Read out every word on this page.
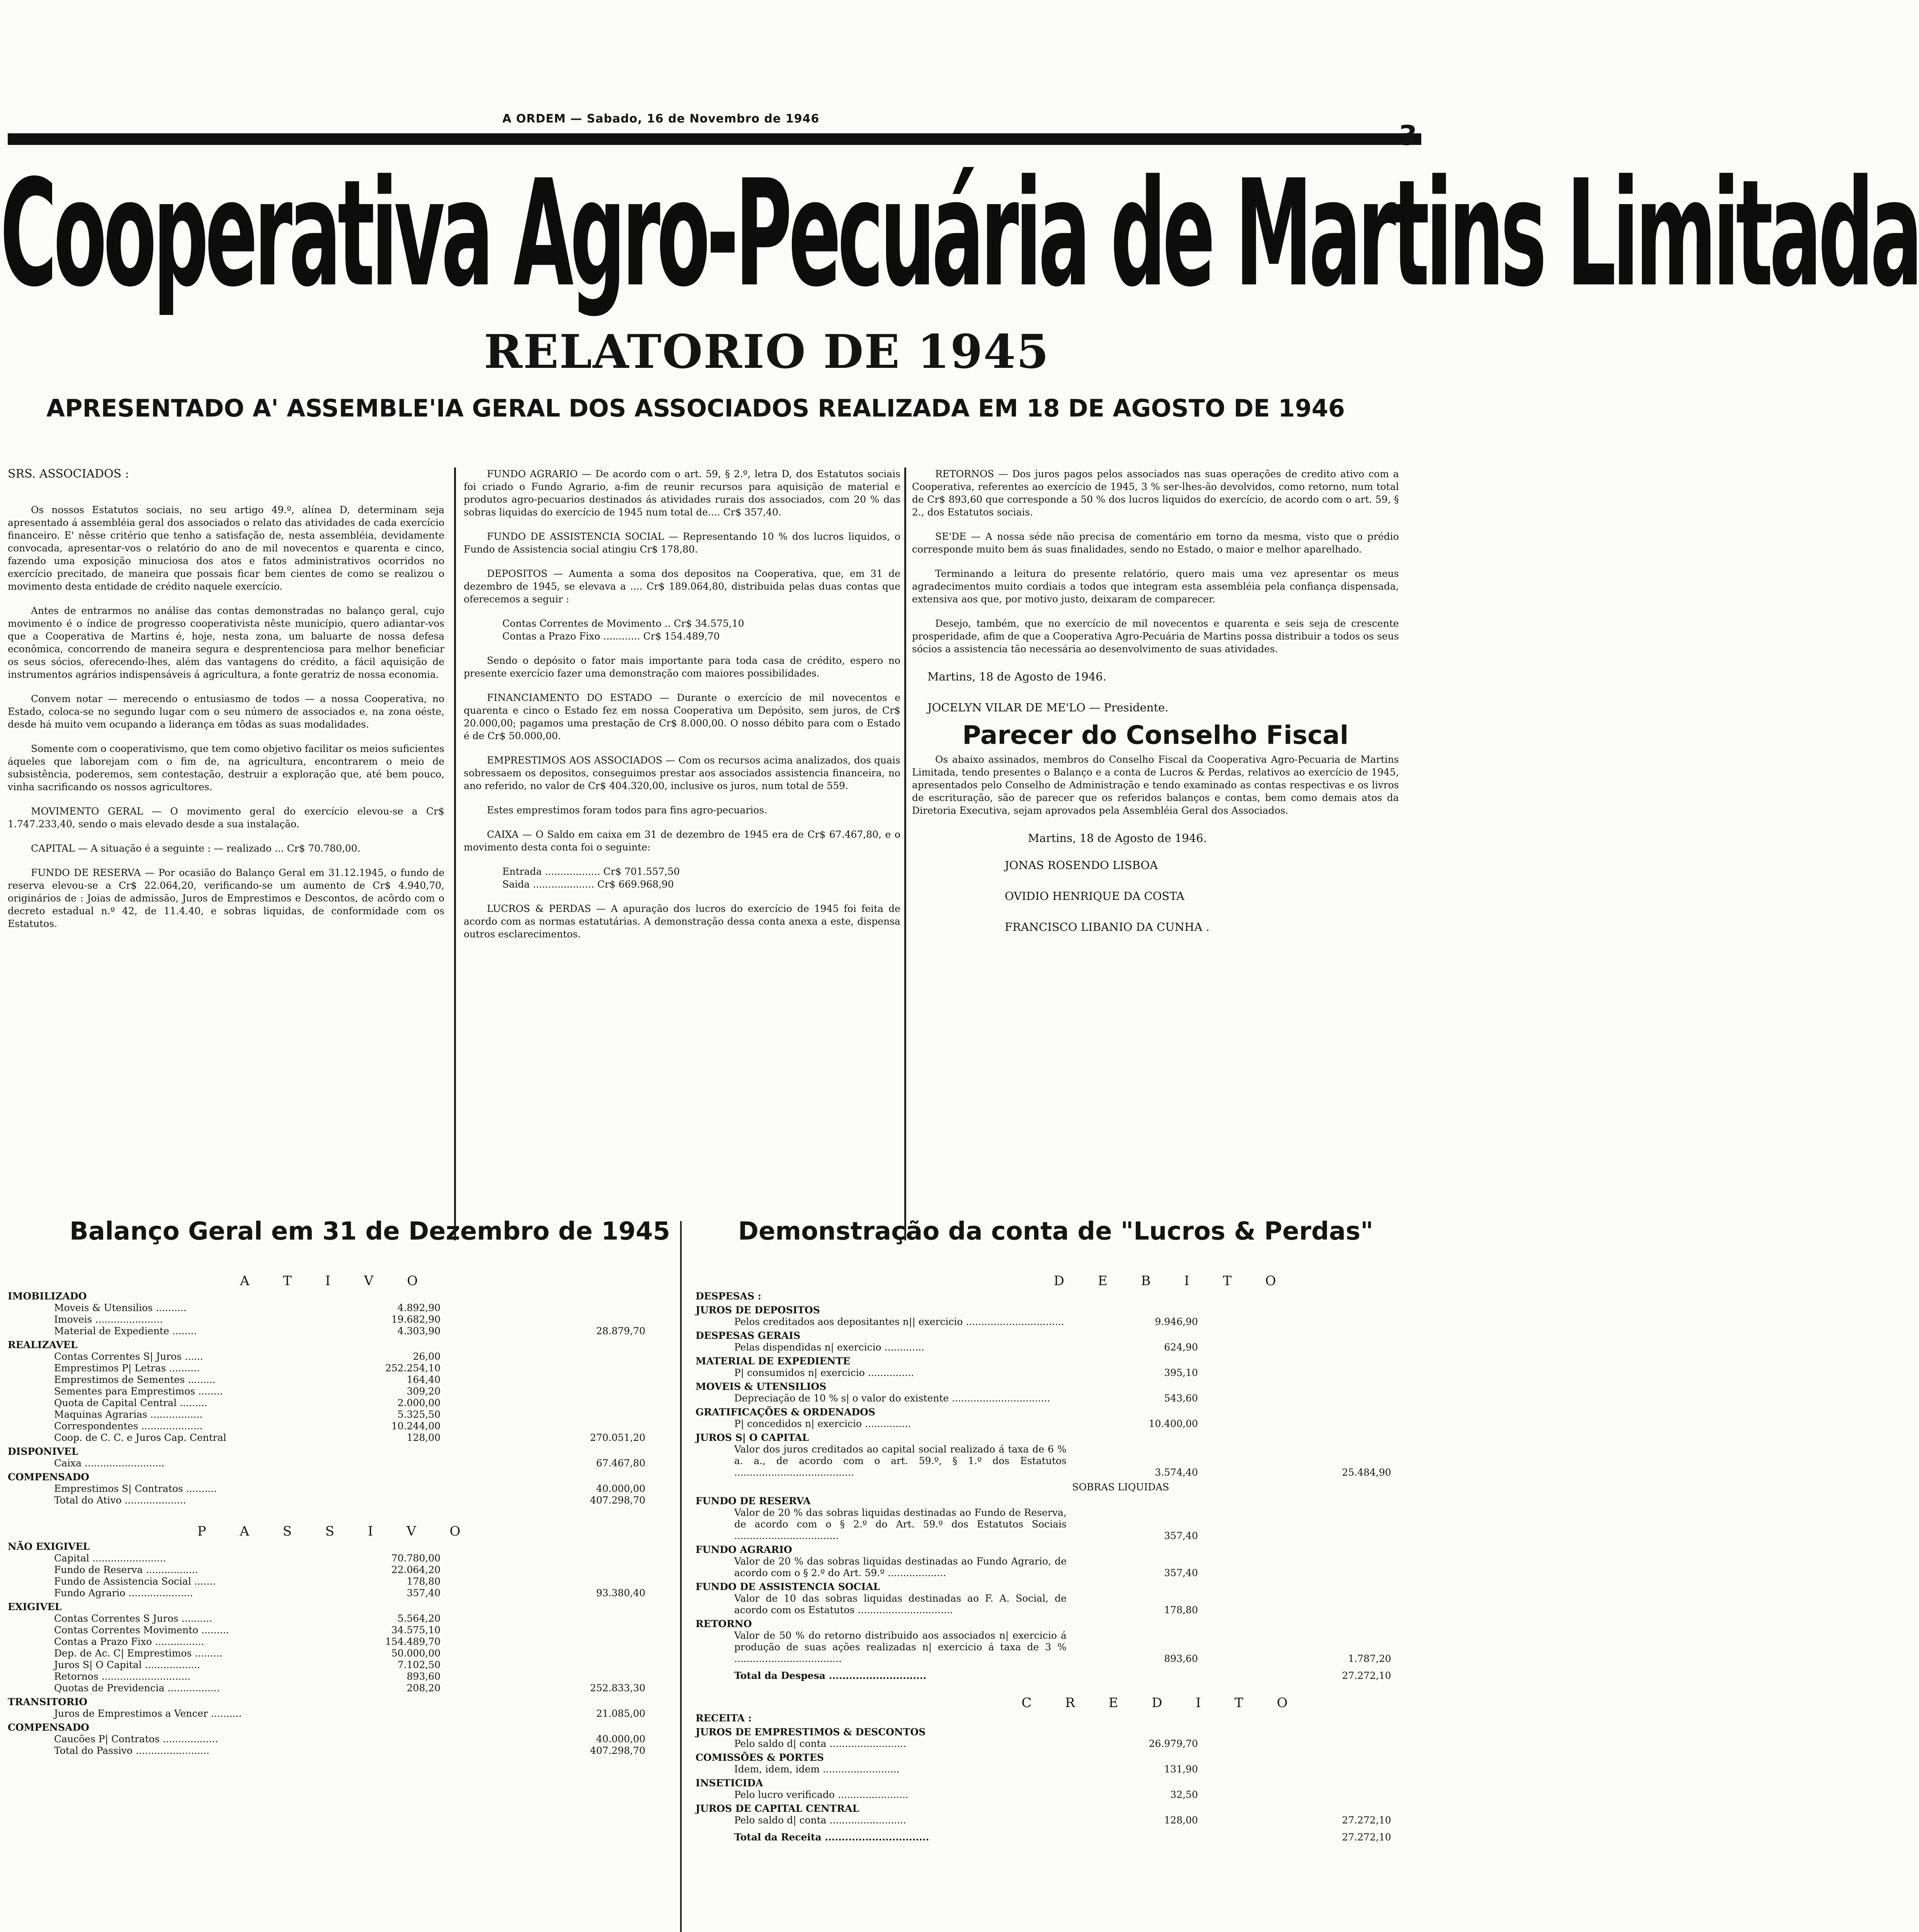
A ORDEM — Sabado, 16 de Novembro de 1946
3
Cooperativa Agro-Pecuária de Martins Limitada
RELATORIO DE 1945
APRESENTADO A' ASSEMBLE'IA GERAL DOS ASSOCIADOS REALIZADA EM 18 DE AGOSTO DE 1946

SRS. ASSOCIADOS :

Os nossos Estatutos sociais, no seu artigo 49.º, alínea D, determinam seja apresentado á assembléia geral dos associados o relato das atividades de cada exercício financeiro. E' nêsse critério que tenho a satisfação de, nesta assembléia, devidamente convocada, apresentar-vos o relatório do ano de mil novecentos e quarenta e cinco, fazendo uma exposição minuciosa dos atos e fatos administrativos ocorridos no exercício precitado, de maneira que possais ficar bem cientes de como se realizou o movimento desta entidade de crédito naquele exercício.

Antes de entrarmos no análise das contas demonstradas no balanço geral, cujo movimento é o índice de progresso cooperativista nêste município, quero adiantar-vos que a Cooperativa de Martins é, hoje, nesta zona, um baluarte de nossa defesa econômica, concorrendo de maneira segura e desprentenciosa para melhor beneficiar os seus sócios, oferecendo-lhes, além das vantagens do crédito, a fácil aquisição de instrumentos agrários indispensáveis á agricultura, a fonte geratriz de nossa economia.

Convem notar — merecendo o entusiasmo de todos — a nossa Cooperativa, no Estado, coloca-se no segundo lugar com o seu número de associados e, na zona oéste, desde há muito vem ocupando a liderança em tôdas as suas modalidades.

Somente com o cooperativismo, que tem como objetivo facilitar os meios suficientes áqueles que laborejam com o fim de, na agricultura, encontrarem o meio de subsistência, poderemos, sem contestação, destruir a exploração que, até bem pouco, vinha sacrificando os nossos agricultores.

MOVIMENTO GERAL — O movimento geral do exercício elevou-se a Cr$ 1.747.233,40, sendo o mais elevado desde a sua instalação.

CAPITAL — A situação é a seguinte : — realizado ... Cr$ 70.780,00.

FUNDO DE RESERVA — Por ocasião do Balanço Geral em 31.12.1945, o fundo de reserva elevou-se a Cr$ 22.064,20, verificando-se um aumento de Cr$ 4.940,70, originários de : Joias de admissão, Juros de Emprestimos e Descontos, de acôrdo com o decreto estadual n.º 42, de 11.4.40, e sobras liquidas, de conformidade com os Estatutos.

FUNDO AGRARIO — De acordo com o art. 59, § 2.º, letra D, dos Estatutos sociais foi criado o Fundo Agrario, a-fim de reunir recursos para aquisição de material e produtos agro-pecuarios destinados ás atividades rurais dos associados, com 20 % das sobras liquidas do exercício de 1945 num total de.... Cr$ 357,40.

FUNDO DE ASSISTENCIA SOCIAL — Representando 10 % dos lucros liquidos, o Fundo de Assistencia social atingiu Cr$ 178,80.

DEPOSITOS — Aumenta a soma dos depositos na Cooperativa, que, em 31 de dezembro de 1945, se elevava a .... Cr$ 189.064,80, distribuida pelas duas contas que oferecemos a seguir :

Contas Correntes de Movimento .. Cr$ 34.575,10

Contas a Prazo Fixo ............ Cr$ 154.489,70

Sendo o depósito o fator mais importante para toda casa de crédito, espero no presente exercício fazer uma demonstração com maiores possibilidades.

FINANCIAMENTO DO ESTADO — Durante o exercício de mil novecentos e quarenta e cinco o Estado fez em nossa Cooperativa um Depósito, sem juros, de Cr$ 20.000,00; pagamos uma prestação de Cr$ 8.000,00. O nosso débito para com o Estado é de Cr$ 50.000,00.

EMPRESTIMOS AOS ASSOCIADOS — Com os recursos acima analizados, dos quais sobressaem os depositos, conseguimos prestar aos associados assistencia financeira, no ano referido, no valor de Cr$ 404.320,00, inclusive os juros, num total de 559.

Estes emprestimos foram todos para fins agro-pecuarios.

CAIXA — O Saldo em caixa em 31 de dezembro de 1945 era de Cr$ 67.467,80, e o movimento desta conta foi o seguinte:

Entrada .................. Cr$ 701.557,50

Saida .................... Cr$ 669.968,90

LUCROS & PERDAS — A apuração dos lucros do exercício de 1945 foi feita de acordo com as normas estatutárias. A demonstração dessa conta anexa a este, dispensa outros esclarecimentos.

RETORNOS — Dos juros pagos pelos associados nas suas operações de credito ativo com a Cooperativa, referentes ao exercício de 1945, 3 % ser-lhes-ão devolvidos, como retorno, num total de Cr$ 893,60 que corresponde a 50 % dos lucros liquidos do exercício, de acordo com o art. 59, § 2., dos Estatutos sociais.

SE'DE — A nossa séde não precisa de comentário em torno da mesma, visto que o prédio corresponde muito bem ás suas finalidades, sendo no Estado, o maior e melhor aparelhado.

Terminando a leitura do presente relatório, quero mais uma vez apresentar os meus agradecimentos muito cordiais a todos que integram esta assembléia pela confiança dispensada, extensiva aos que, por motivo justo, deixaram de comparecer.

Desejo, também, que no exercício de mil novecentos e quarenta e seis seja de crescente prosperidade, afim de que a Cooperativa Agro-Pecuária de Martins possa distribuir a todos os seus sócios a assistencia tão necessária ao desenvolvimento de suas atividades.

Martins, 18 de Agosto de 1946.

JOCELYN VILAR DE ME'LO — Presidente.

Parecer do Conselho Fiscal

Os abaixo assinados, membros do Conselho Fiscal da Cooperativa Agro-Pecuaria de Martins Limitada, tendo presentes o Balanço e a conta de Lucros & Perdas, relativos ao exercício de 1945, apresentados pelo Conselho de Administração e tendo examinado as contas respectivas e os livros de escrituração, são de parecer que os referidos balanços e contas, bem como demais atos da Diretoria Executiva, sejam aprovados pela Assembléia Geral dos Associados.

Martins, 18 de Agosto de 1946.

JONAS ROSENDO LISBOA

OVIDIO HENRIQUE DA COSTA

FRANCISCO LIBANIO DA CUNHA .

Balanço Geral em 31 de Dezembro de 1945	Demonstração da conta de "Lucros & Perdas"
A T I V O
IMOBILIZADO
Moveis & Utensilios ..........	4.892,90
Imoveis ......................	19.682,90
Material de Expediente ........	4.303,90	28.879,70
REALIZAVEL
Contas Correntes S| Juros ......	26,00
Emprestimos P| Letras ..........	252.254,10
Emprestimos de Sementes .........	164,40
Sementes para Emprestimos ........	309,20
Quota de Capital Central .........	2.000,00
Maquinas Agrarias .................	5.325,50
Correspondentes ....................	10.244,00
Coop. de C. C. e Juros Cap. Central	128,00	270.051,20
DISPONIVEL
Caixa ..........................	67.467,80
COMPENSADO
Emprestimos S| Contratos ..........	40.000,00
Total do Ativo ....................	407.298,70
P A S S I V O
NÃO EXIGIVEL
Capital ........................	70.780,00
Fundo de Reserva .................	22.064,20
Fundo de Assistencia Social .......	178,80
Fundo Agrario .....................	357,40	93.380,40
EXIGIVEL
Contas Correntes S Juros ..........	5.564,20
Contas Correntes Movimento .........	34.575,10
Contas a Prazo Fixo ................	154.489,70
Dep. de Ac. C| Emprestimos .........	50.000,00
Juros S| O Capital ..................	7.102,50
Retornos .............................	893,60
Quotas de Previdencia .................	208,20	252.833,30
TRANSITORIO
Juros de Emprestimos a Vencer ..........	21.085,00
COMPENSADO
Caucões P| Contratos ..................	40.000,00
Total do Passivo ........................	407.298,70
D E B I T O
DESPESAS :
JUROS DE DEPOSITOS
Pelos creditados aos depositantes n|| exercicio ................................	9.946,90
DESPESAS GERAIS
Pelas dispendidas n| exercicio .............	624,90
MATERIAL DE EXPEDIENTE
P| consumidos n| exercicio ...............	395,10
MOVEIS & UTENSILIOS
Depreciação de 10 % s| o valor do existente ................................	543,60
GRATIFICAÇÕES & ORDENADOS
P| concedidos n| exercicio ...............	10.400,00
JUROS S| O CAPITAL
Valor dos juros creditados ao capital social realizado á taxa de 6 % a. a., de acordo com o art. 59.º, § 1.º dos Estatutos .......................................	3.574,40	25.484,90
SOBRAS LIQUIDAS
FUNDO DE RESERVA
Valor de 20 % das sobras liquidas destinadas ao Fundo de Reserva, de acordo com o § 2.º do Art. 59.º dos Estatutos Sociais ..................................	357,40
FUNDO AGRARIO
Valor de 20 % das sobras liquidas destinadas ao Fundo Agrario, de acordo com o § 2.º do Art. 59.º ...................	357,40
FUNDO DE ASSISTENCIA SOCIAL
Valor de 10 das sobras liquidas destinadas ao F. A. Social, de acordo com os Estatutos ...............................	178,80
RETORNO
Valor de 50 % do retorno distribuido aos associados n| exercicio á produção de suas ações realizadas n| exercicio á taxa de 3 % ...................................	893,60	1.787,20
Total da Despesa .............................	27.272,10
C R E D I T O
RECEITA :
JUROS DE EMPRESTIMOS & DESCONTOS
Pelo saldo d| conta .........................	26.979,70
COMISSÕES & PORTES
Idem, idem, idem .........................	131,90
INSETICIDA
Pelo lucro verificado .......................	32,50
JUROS DE CAPITAL CENTRAL
Pelo saldo d| conta .........................	128,00	27.272,10
Total da Receita ...............................	27.272,10
